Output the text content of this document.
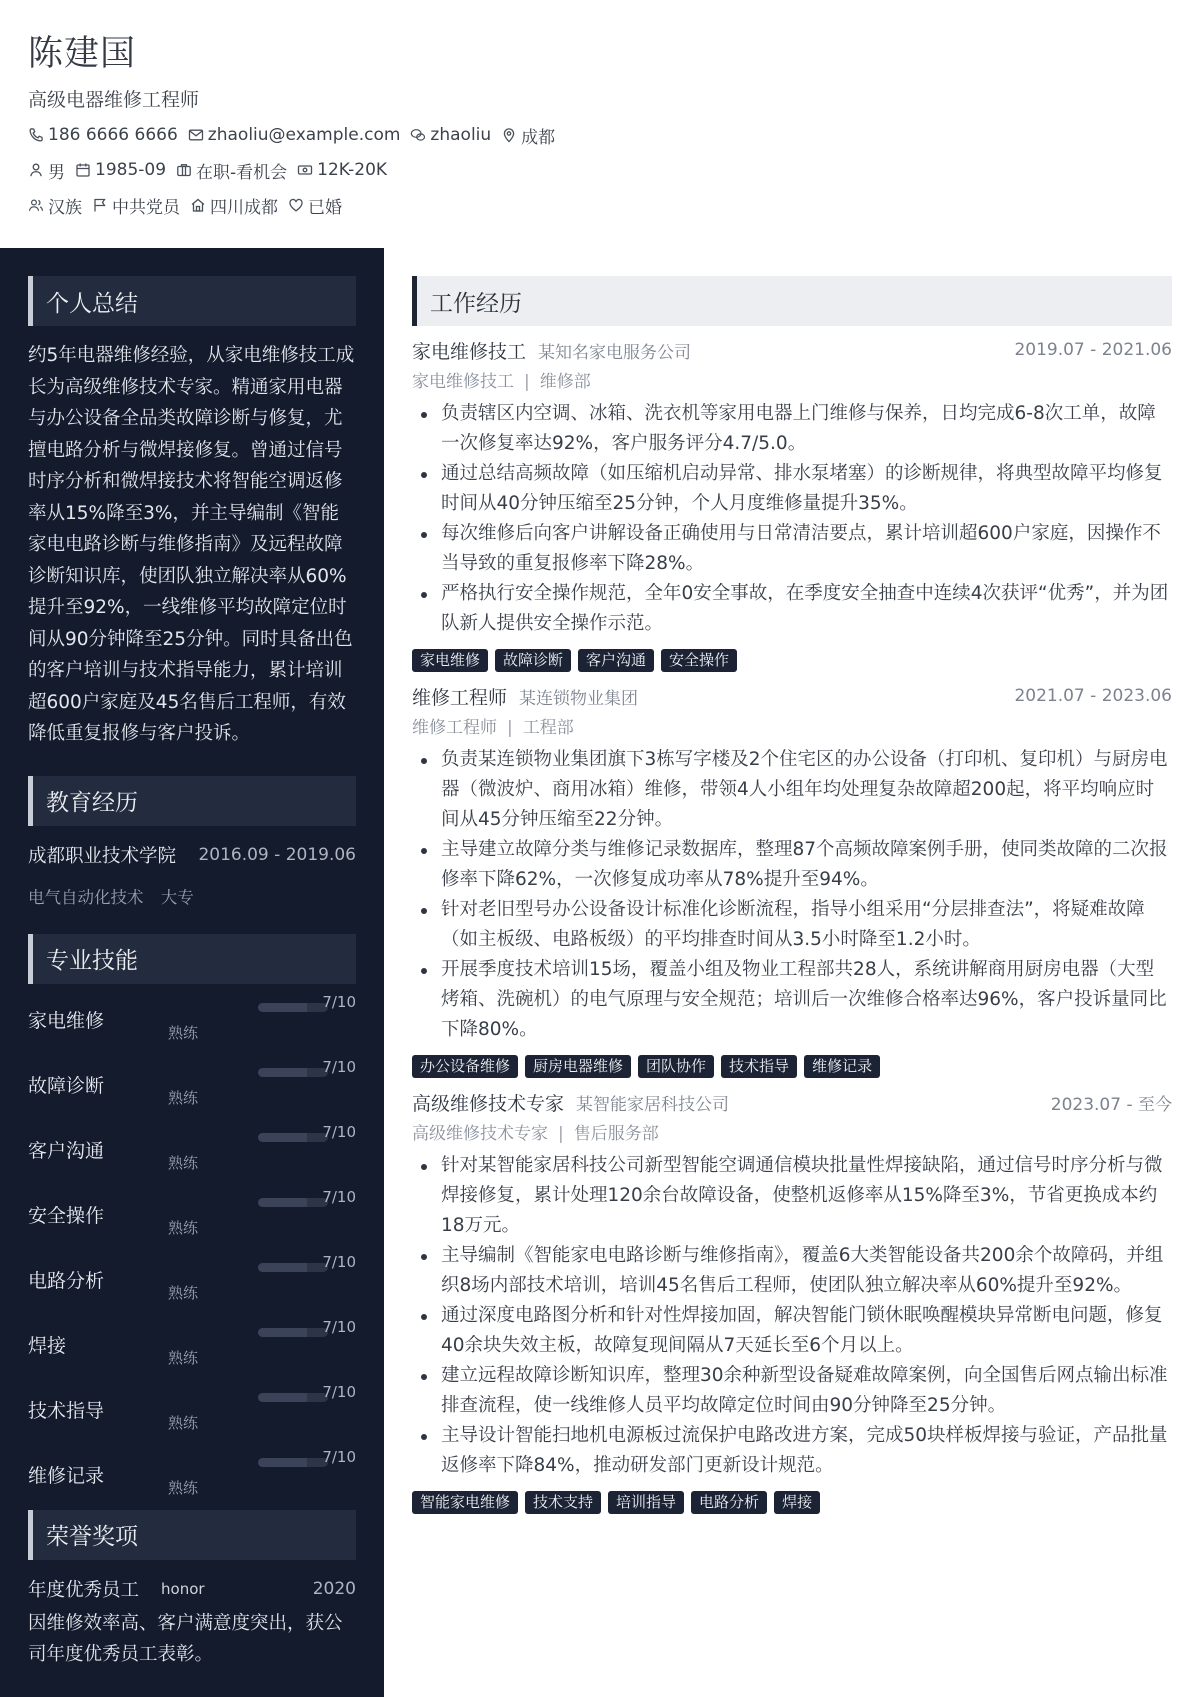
陈建国
高级电器维修工程师
186 6666 6666 zhaoliu@example.com zhaoliu 成都
男 1985-09 在职-看机会 12K-20K
汉族 中共党员 四川成都 已婚
个人总结
约5年电器维修经验，从家电维修技工成长为高级维修技术专家。精通家用电器与办公设备全品类故障诊断与修复，尤擅电路分析与微焊接修复。曾通过信号时序分析和微焊接技术将智能空调返修率从15%降至3%，并主导编制《智能家电电路诊断与维修指南》及远程故障诊断知识库，使团队独立解决率从60%提升至92%，一线维修平均故障定位时间从90分钟降至25分钟。同时具备出色的客户培训与技术指导能力，累计培训超600户家庭及45名售后工程师，有效降低重复报修与客户投诉。
教育经历
成都职业技术学院 2016.09 - 2019.06
电气自动化技术 大专
专业技能
家电维修
熟练
7/10
故障诊断
熟练
7/10
客户沟通
熟练
7/10
安全操作
熟练
7/10
电路分析
熟练
7/10
焊接
熟练
7/10
技术指导
熟练
7/10
维修记录
熟练
7/10
荣誉奖项
年度优秀员工 honor	2020
因维修效率高、客户满意度突出，获公司年度优秀员工表彰。
工作经历
家电维修技工 某知名家电服务公司	2019.07 - 2021.06
家电维修技工 | 维修部
负责辖区内空调、冰箱、洗衣机等家用电器上门维修与保养，日均完成6-8次工单，故障一次修复率达92%，客户服务评分4.7/5.0。
通过总结高频故障（如压缩机启动异常、排水泵堵塞）的诊断规律，将典型故障平均修复时间从40分钟压缩至25分钟，个人月度维修量提升35%。
每次维修后向客户讲解设备正确使用与日常清洁要点，累计培训超600户家庭，因操作不当导致的重复报修率下降28%。
严格执行安全操作规范，全年0安全事故，在季度安全抽查中连续4次获评“优秀”，并为团队新人提供安全操作示范。
家电维修	故障诊断	客户沟通	安全操作
维修工程师 某连锁物业集团	2021.07 - 2023.06
维修工程师 | 工程部
负责某连锁物业集团旗下3栋写字楼及2个住宅区的办公设备（打印机、复印机）与厨房电器（微波炉、商用冰箱）维修，带领4人小组年均处理复杂故障超200起，将平均响应时间从45分钟压缩至22分钟。
主导建立故障分类与维修记录数据库，整理87个高频故障案例手册，使同类故障的二次报修率下降62%，一次修复成功率从78%提升至94%。
针对老旧型号办公设备设计标准化诊断流程，指导小组采用“分层排查法”，将疑难故障（如主板级、电路板级）的平均排查时间从3.5小时降至1.2小时。
开展季度技术培训15场，覆盖小组及物业工程部共28人，系统讲解商用厨房电器（大型烤箱、洗碗机）的电气原理与安全规范；培训后一次维修合格率达96%，客户投诉量同比下降80%。
办公设备维修	厨房电器维修	团队协作	技术指导	维修记录
高级维修技术专家 某智能家居科技公司	2023.07 - 至今
高级维修技术专家 | 售后服务部
针对某智能家居科技公司新型智能空调通信模块批量性焊接缺陷，通过信号时序分析与微焊接修复，累计处理120余台故障设备，使整机返修率从15%降至3%，节省更换成本约18万元。
主导编制《智能家电电路诊断与维修指南》，覆盖6大类智能设备共200余个故障码，并组织8场内部技术培训，培训45名售后工程师，使团队独立解决率从60%提升至92%。
通过深度电路图分析和针对性焊接加固，解决智能门锁休眠唤醒模块异常断电问题，修复40余块失效主板，故障复现间隔从7天延长至6个月以上。
建立远程故障诊断知识库，整理30余种新型设备疑难故障案例，向全国售后网点输出标准排查流程，使一线维修人员平均故障定位时间由90分钟降至25分钟。
主导设计智能扫地机电源板过流保护电路改进方案，完成50块样板焊接与验证，产品批量返修率下降84%，推动研发部门更新设计规范。
智能家电维修	技术支持	培训指导	电路分析	焊接
